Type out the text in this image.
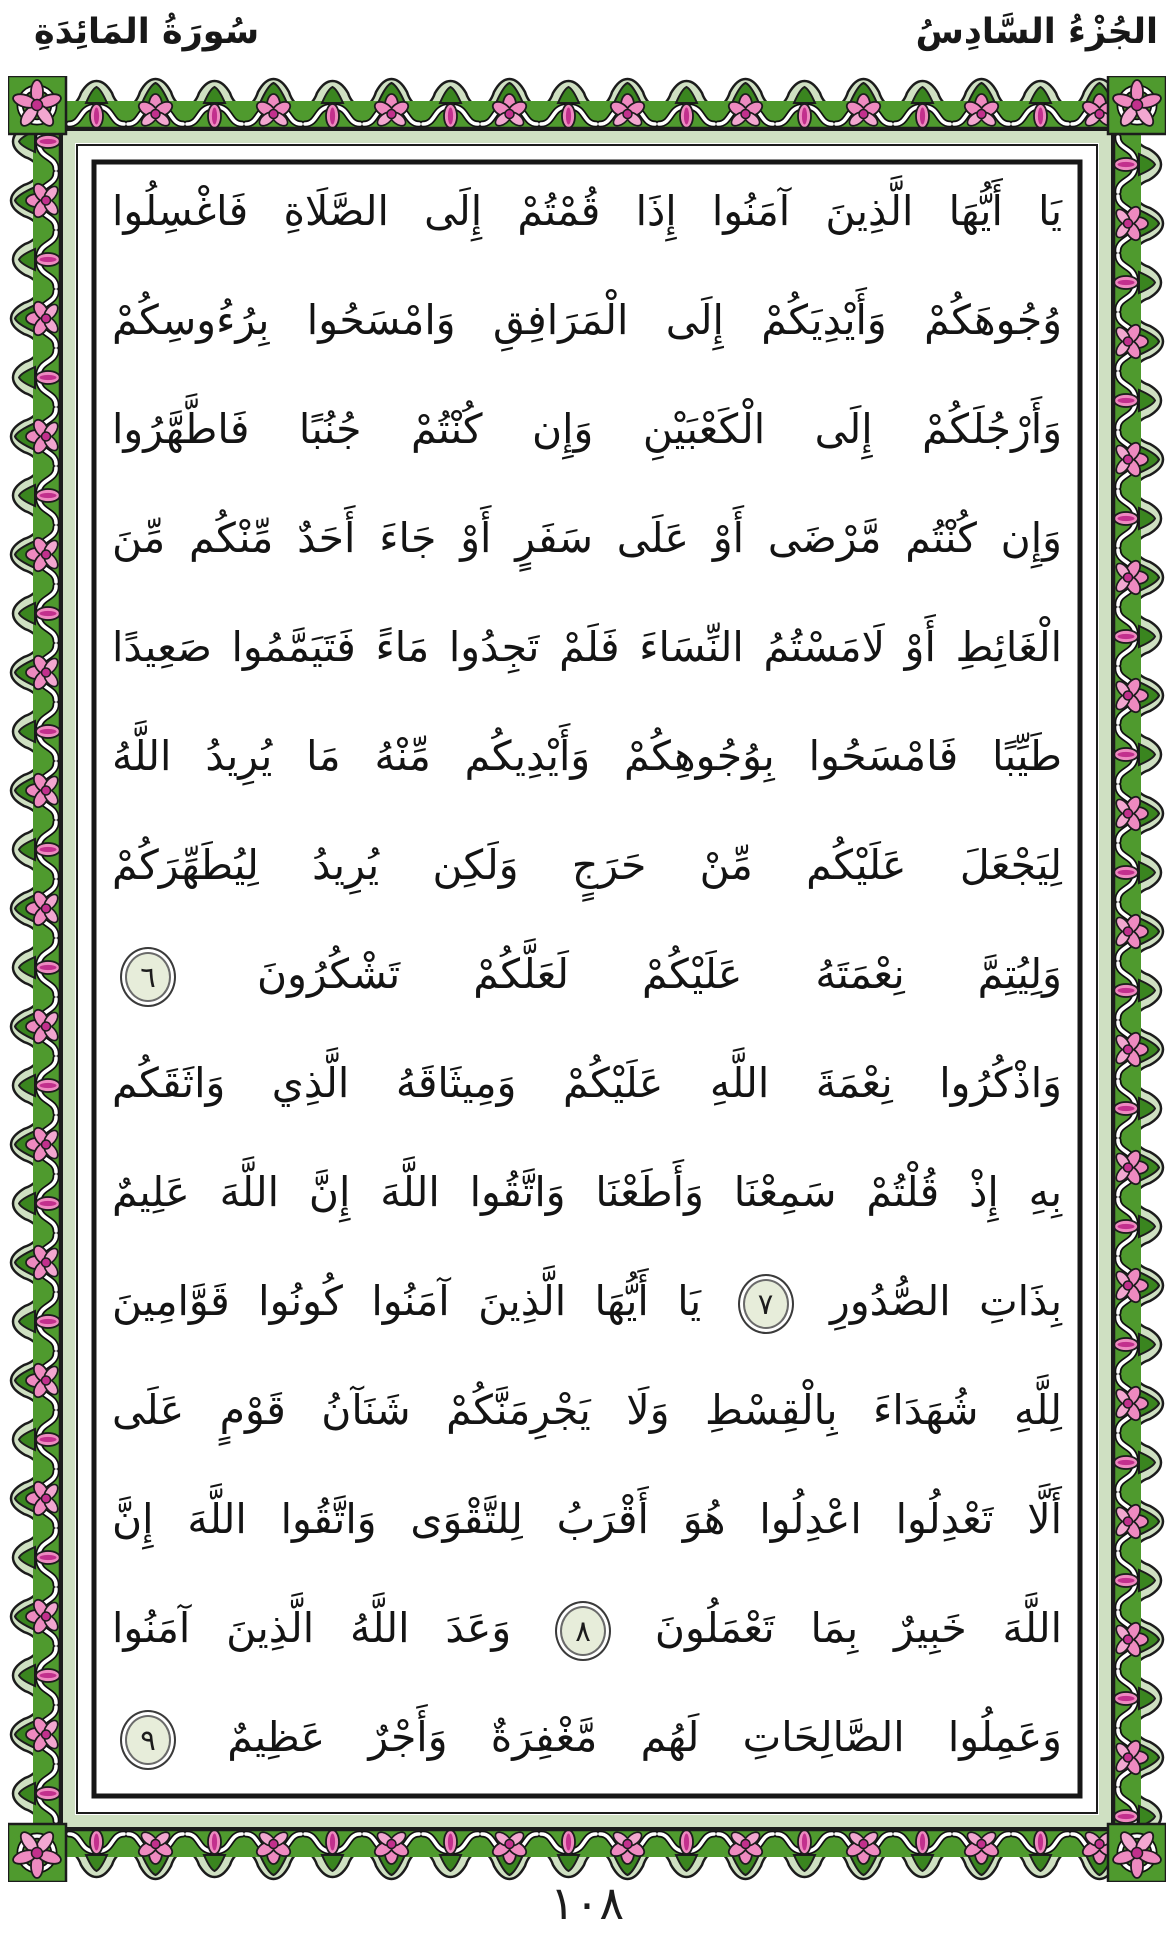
الجُزْءُ السَّادِسُ
سُورَةُ المَائِدَةِ
يَا أَيُّهَا الَّذِينَ آمَنُوا إِذَا قُمْتُمْ إِلَى الصَّلَاةِ فَاغْسِلُوا
وُجُوهَكُمْ وَأَيْدِيَكُمْ إِلَى الْمَرَافِقِ وَامْسَحُوا بِرُءُوسِكُمْ
وَأَرْجُلَكُمْ إِلَى الْكَعْبَيْنِ وَإِن كُنْتُمْ جُنُبًا فَاطَّهَّرُوا
وَإِن كُنْتُم مَّرْضَى أَوْ عَلَى سَفَرٍ أَوْ جَاءَ أَحَدٌ مِّنْكُم مِّنَ
الْغَائِطِ أَوْ لَامَسْتُمُ النِّسَاءَ فَلَمْ تَجِدُوا مَاءً فَتَيَمَّمُوا صَعِيدًا
طَيِّبًا فَامْسَحُوا بِوُجُوهِكُمْ وَأَيْدِيكُم مِّنْهُ مَا يُرِيدُ اللَّهُ
لِيَجْعَلَ عَلَيْكُم مِّنْ حَرَجٍ وَلَكِن يُرِيدُ لِيُطَهِّرَكُمْ
وَلِيُتِمَّ نِعْمَتَهُ عَلَيْكُمْ لَعَلَّكُمْ تَشْكُرُونَ
٦
وَاذْكُرُوا نِعْمَةَ اللَّهِ عَلَيْكُمْ وَمِيثَاقَهُ الَّذِي وَاثَقَكُم
بِهِ إِذْ قُلْتُمْ سَمِعْنَا وَأَطَعْنَا وَاتَّقُوا اللَّهَ إِنَّ اللَّهَ عَلِيمٌ
بِذَاتِ الصُّدُورِ
٧
يَا أَيُّهَا الَّذِينَ آمَنُوا كُونُوا قَوَّامِينَ
لِلَّهِ شُهَدَاءَ بِالْقِسْطِ وَلَا يَجْرِمَنَّكُمْ شَنَآنُ قَوْمٍ عَلَى
أَلَّا تَعْدِلُوا اعْدِلُوا هُوَ أَقْرَبُ لِلتَّقْوَى وَاتَّقُوا اللَّهَ إِنَّ
اللَّهَ خَبِيرٌ بِمَا تَعْمَلُونَ
٨
وَعَدَ اللَّهُ الَّذِينَ آمَنُوا
وَعَمِلُوا الصَّالِحَاتِ لَهُم مَّغْفِرَةٌ وَأَجْرٌ عَظِيمٌ
٩
١٠٨
